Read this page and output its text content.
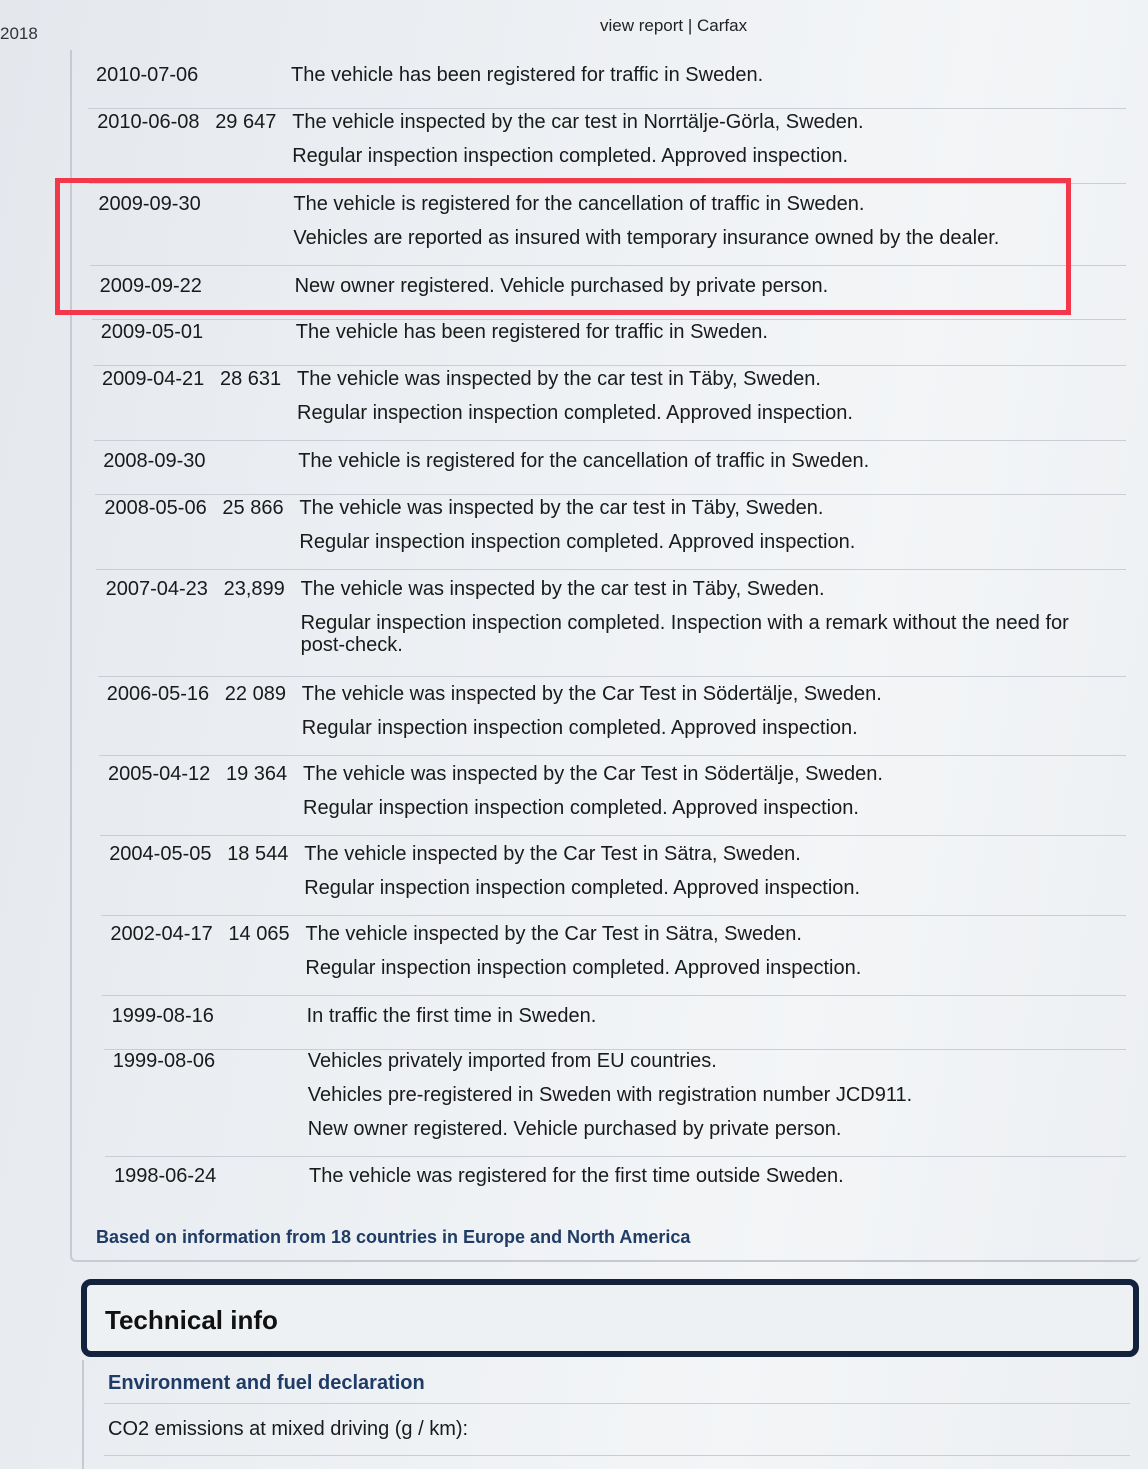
2018	view report | Carfax
2010-07-06	The vehicle has been registered for traffic in Sweden.
2010-06-08 29 647 The vehicle inspected by the car test in Norrtälje-Görla, Sweden.
Regular inspection inspection completed. Approved inspection.
2009-09-30	The vehicle is registered for the cancellation of traffic in Sweden.
Vehicles are reported as insured with temporary insurance owned by the dealer.
2009-09-22	New owner registered. Vehicle purchased by private person.
2009-05-01	The vehicle has been registered for traffic in Sweden.
2009-04-21 28 631 The vehicle was inspected by the car test in Täby, Sweden.
Regular inspection inspection completed. Approved inspection.
2008-09-30	The vehicle is registered for the cancellation of traffic in Sweden.
2008-05-06 25 866 The vehicle was inspected by the car test in Täby, Sweden.
Regular inspection inspection completed. Approved inspection.
2007-04-23 23,899 The vehicle was inspected by the car test in Täby, Sweden.
Regular inspection inspection completed. Inspection with a remark without the need for post-check.
2006-05-16 22 089 The vehicle was inspected by the Car Test in Södertälje, Sweden.
Regular inspection inspection completed. Approved inspection.
2005-04-12 19 364 The vehicle was inspected by the Car Test in Södertälje, Sweden.
Regular inspection inspection completed. Approved inspection.
2004-05-05 18 544 The vehicle inspected by the Car Test in Sätra, Sweden.
Regular inspection inspection completed. Approved inspection.
2002-04-17 14 065 The vehicle inspected by the Car Test in Sätra, Sweden.
Regular inspection inspection completed. Approved inspection.
1999-08-16	In traffic the first time in Sweden.
1999-08-06	Vehicles privately imported from EU countries.
Vehicles pre-registered in Sweden with registration number JCD911.
New owner registered. Vehicle purchased by private person.
1998-06-24	The vehicle was registered for the first time outside Sweden.
Based on information from 18 countries in Europe and North America
Technical info
Environment and fuel declaration
CO2 emissions at mixed driving (g / km):
